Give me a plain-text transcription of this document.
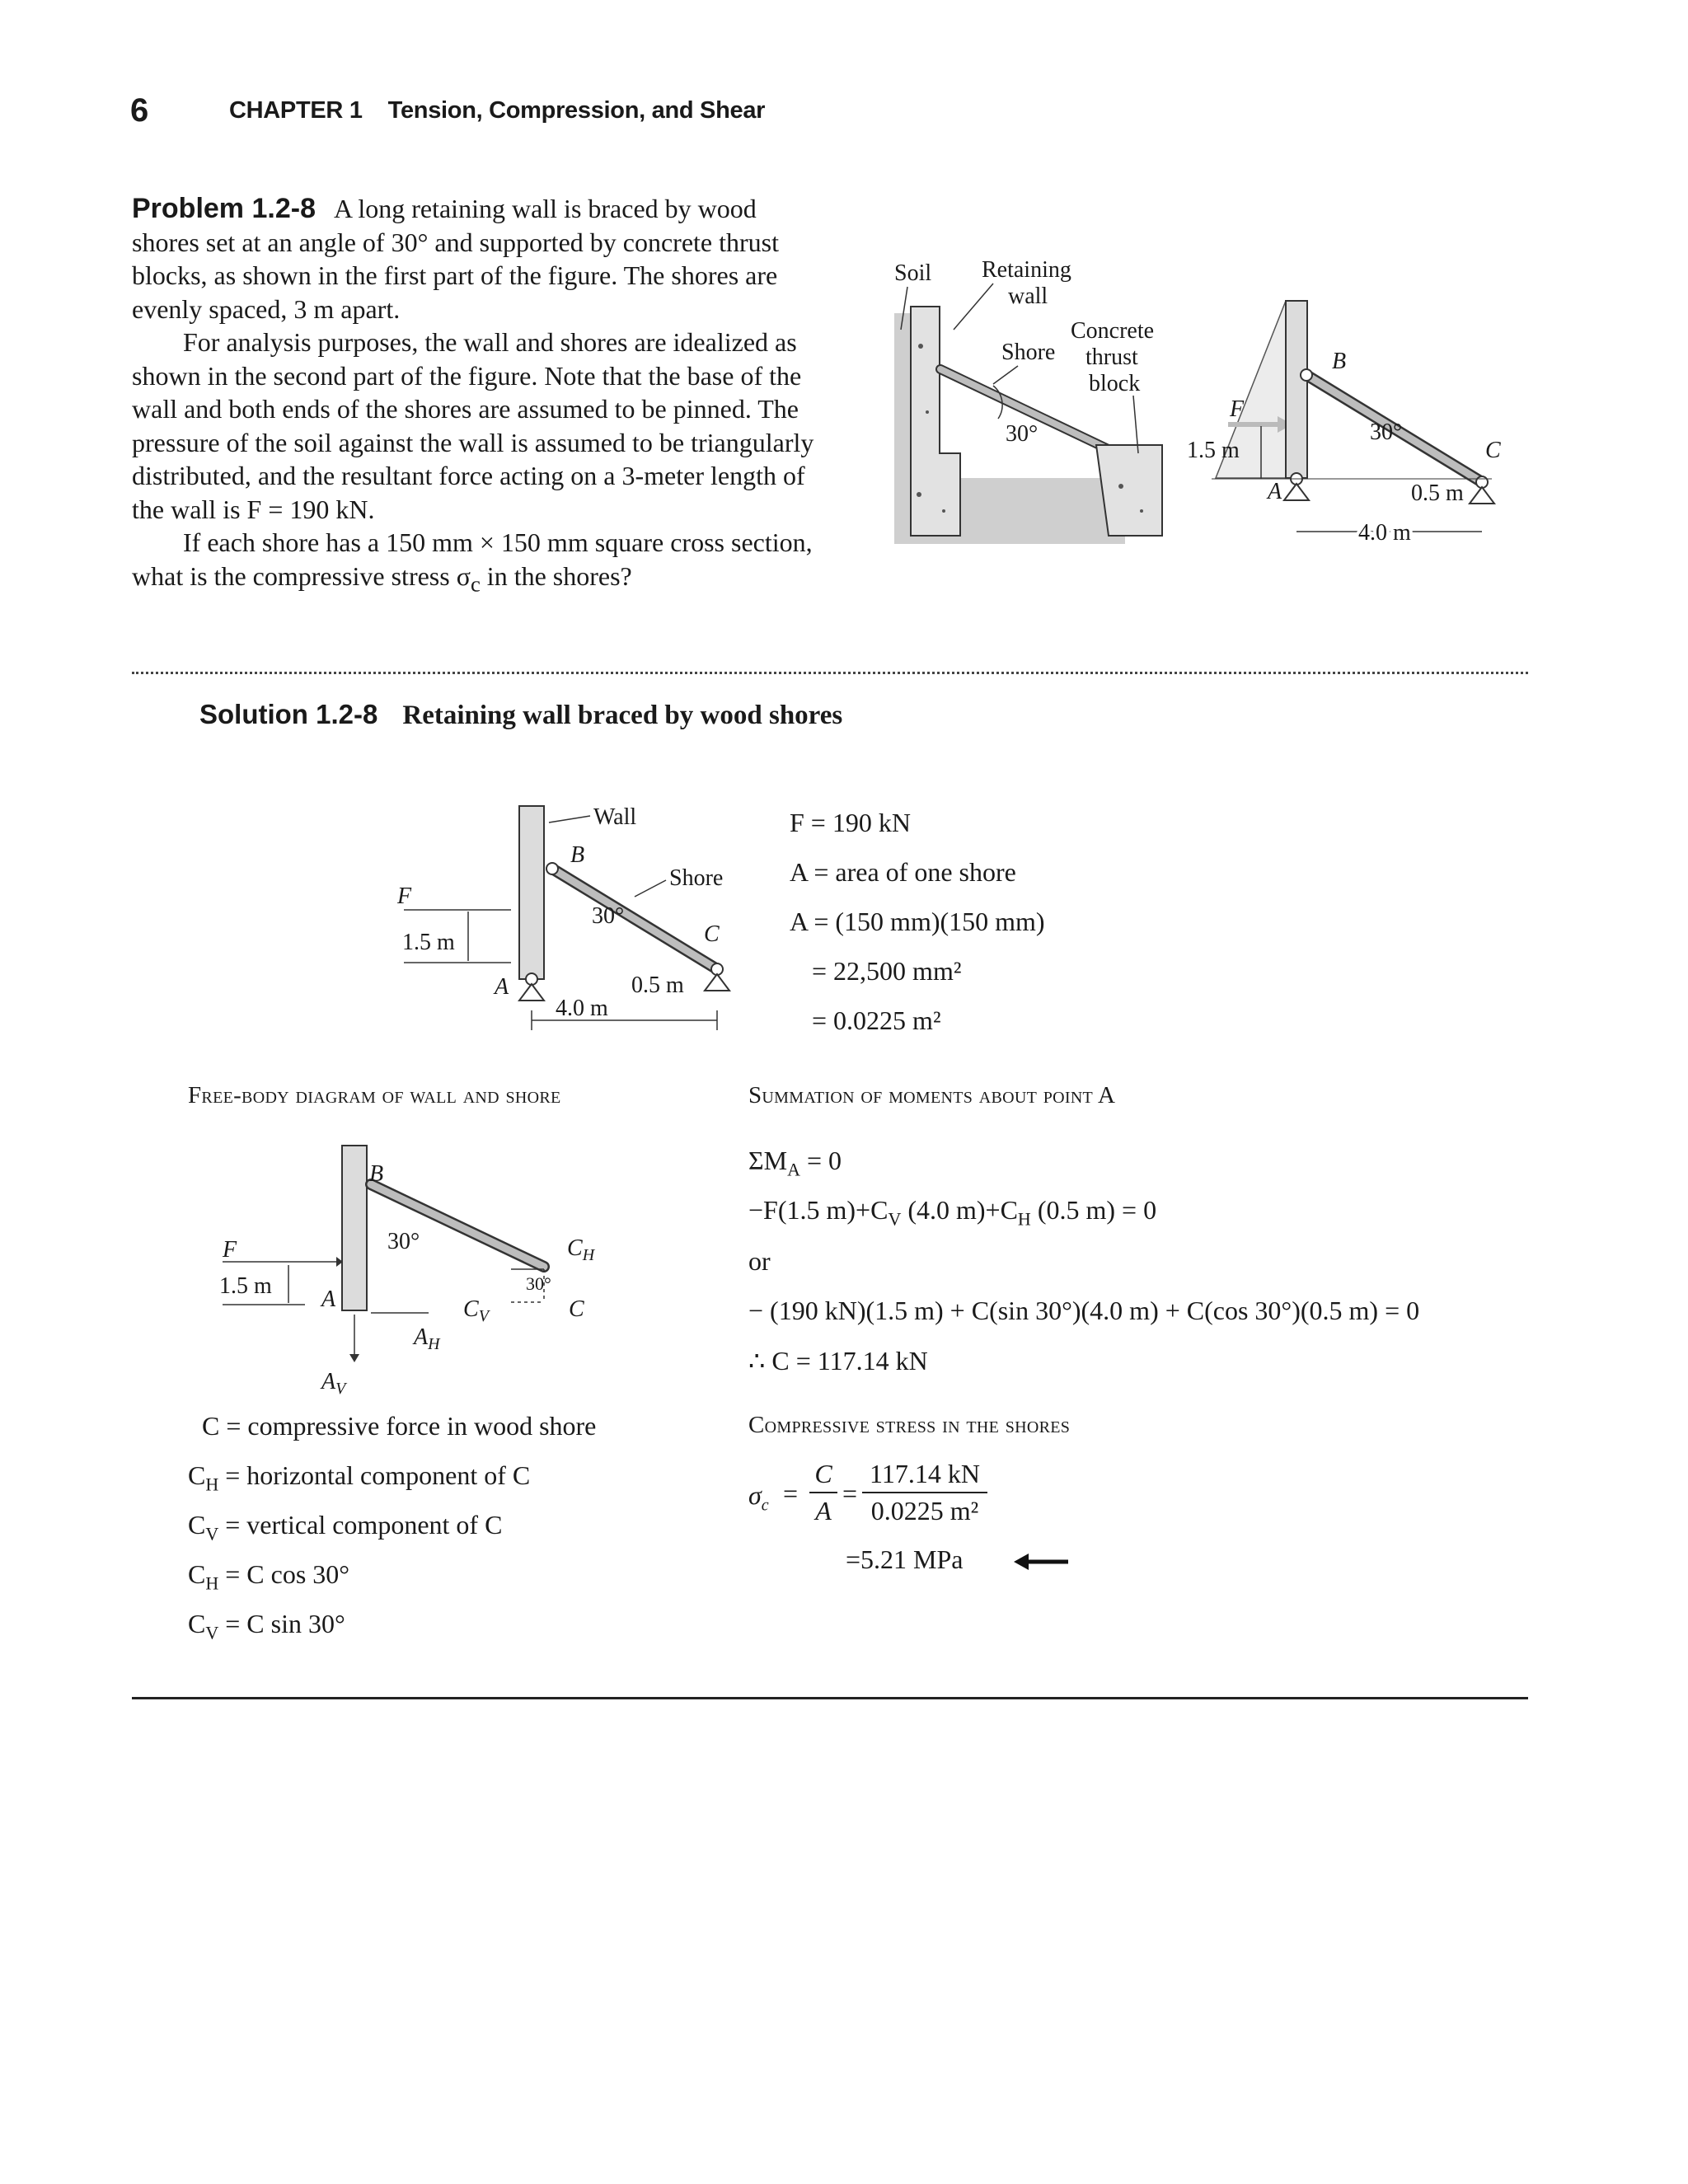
6	CHAPTER 1    Tension, Compression, and Shear

Problem 1.2-8 A long retaining wall is braced by wood shores set at an angle of 30° and supported by concrete thrust blocks, as shown in the first part of the figure. The shores are evenly spaced, 3 m apart.

For analysis purposes, the wall and shores are idealized as shown in the second part of the figure. Note that the base of the wall and both ends of the shores are assumed to be pinned. The pressure of the soil against the wall is assumed to be triangularly distributed, and the resultant force acting on a 3-meter length of the wall is F = 190 kN.

If each shore has a 150 mm × 150 mm square cross section, what is the compressive stress $\sigma_c$ in the shores?

30°
Soil Retaining
wall
Shore
Concrete
thrust
block
F
1.5 m
A
B
C
30°
0.5 m
4.0 m
Solution 1.2-8 Retaining wall braced by wood shores
Wall
B
Shore
F
1.5 m
30°
C
0.5 m
A
4.0 m
F = 190 kN
A = area of one shore
A = (150 mm)(150 mm)
= 22,500 mm²
= 0.0225 m²
Free-body diagram of wall and shore	Summation of moments about point A
B
30°
F
1.5 m
A
$C_H$
$C_V$
30°
C
$A_H$
$A_V$
$\Sigma M_A = 0$
−F(1.5 $m)+C_V$ (4.0 $m)+C_H$ (0.5 m) = 0
or
− (190 kN)(1.5 m) + C(sin 30°)(4.0 m) + C(cos 30°)(0.5 m) = 0
∴ C = 117.14 kN
C = compressive force in wood shore
$C_H$ = horizontal component of C
$C_V$ = vertical component of C
$C_H = C$ cos 30°
$C_V = C$ sin 30°
Compressive stress in the shores
$\sigma_c$ =
C
A
=
117.14 kN
0.0225 m²
=5.21 MPa
